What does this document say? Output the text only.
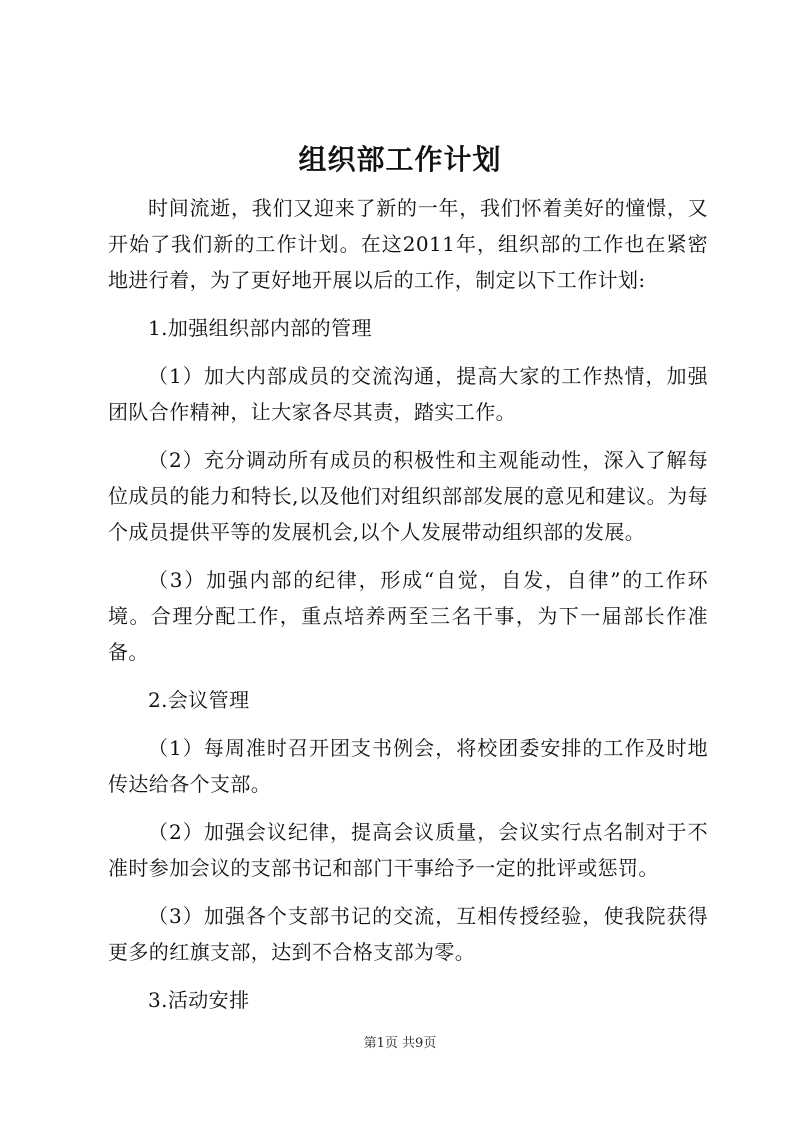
组织部工作计划

时间流逝，我们又迎来了新的一年，我们怀着美好的憧憬，又开始了我们新的工作计划。在这2011年，组织部的工作也在紧密地进行着，为了更好地开展以后的工作，制定以下工作计划:

1.加强组织部内部的管理

（1）加大内部成员的交流沟通，提高大家的工作热情，加强团队合作精神，让大家各尽其责，踏实工作。

（2）充分调动所有成员的积极性和主观能动性，深入了解每位成员的能力和特长,以及他们对组织部部发展的意见和建议。为每个成员提供平等的发展机会,以个人发展带动组织部的发展。

（3）加强内部的纪律，形成“自觉，自发，自律”的工作环境。合理分配工作，重点培养两至三名干事，为下一届部长作准备。

2.会议管理

（1）每周准时召开团支书例会，将校团委安排的工作及时地传达给各个支部。

（2）加强会议纪律，提高会议质量，会议实行点名制对于不准时参加会议的支部书记和部门干事给予一定的批评或惩罚。

（3）加强各个支部书记的交流，互相传授经验，使我院获得更多的红旗支部，达到不合格支部为零。

3.活动安排

第1页 共9页
